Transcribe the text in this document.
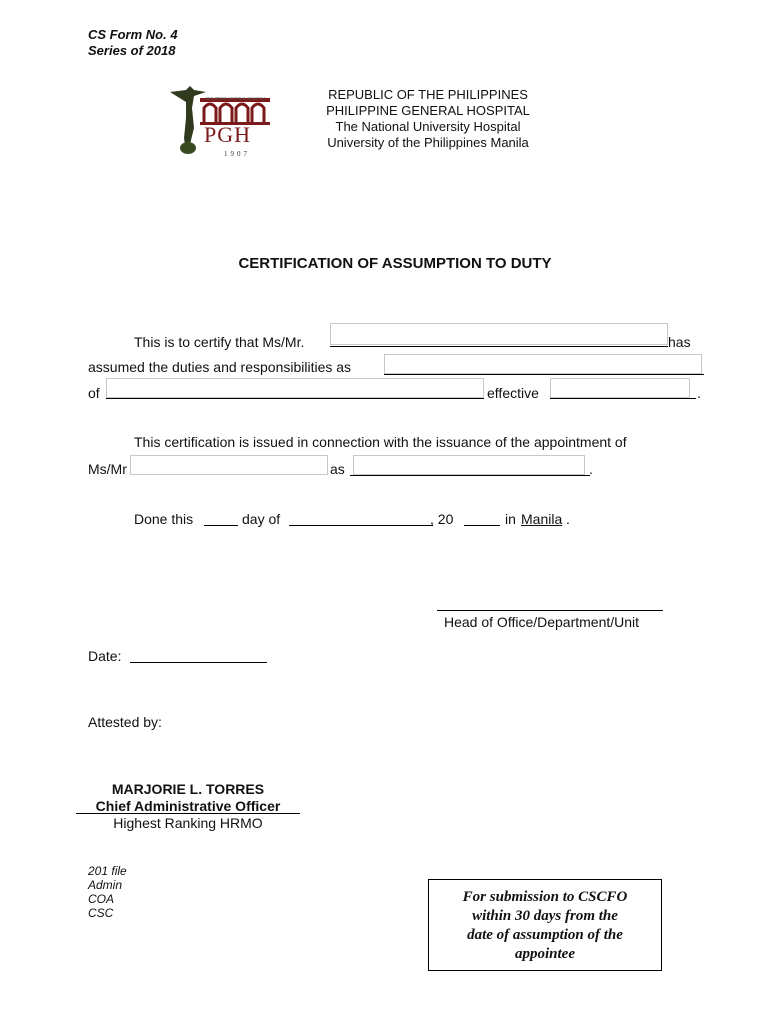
CS Form No. 4
Series of 2018
PHILIPPINE GENERAL HOSPITAL
PGH
1907
REPUBLIC OF THE PHILIPPINES
PHILIPPINE GENERAL HOSPITAL
The National University Hospital
University of the Philippines Manila
CERTIFICATION OF ASSUMPTION TO DUTY
This is to certify that Ms/Mr.	has
assumed the duties and responsibilities as
of	effective	.
This certification is issued in connection with the issuance of the appointment of
Ms/Mr	as	.
Done this	day of	, 20	in Manila .
Head of Office/Department/Unit
Date:
Attested by:
MARJORIE L. TORRES
Chief Administrative Officer
Highest Ranking HRMO
201 file
Admin
COA
CSC
For submission to CSCFO
within 30 days from the
date of assumption of the
appointee
